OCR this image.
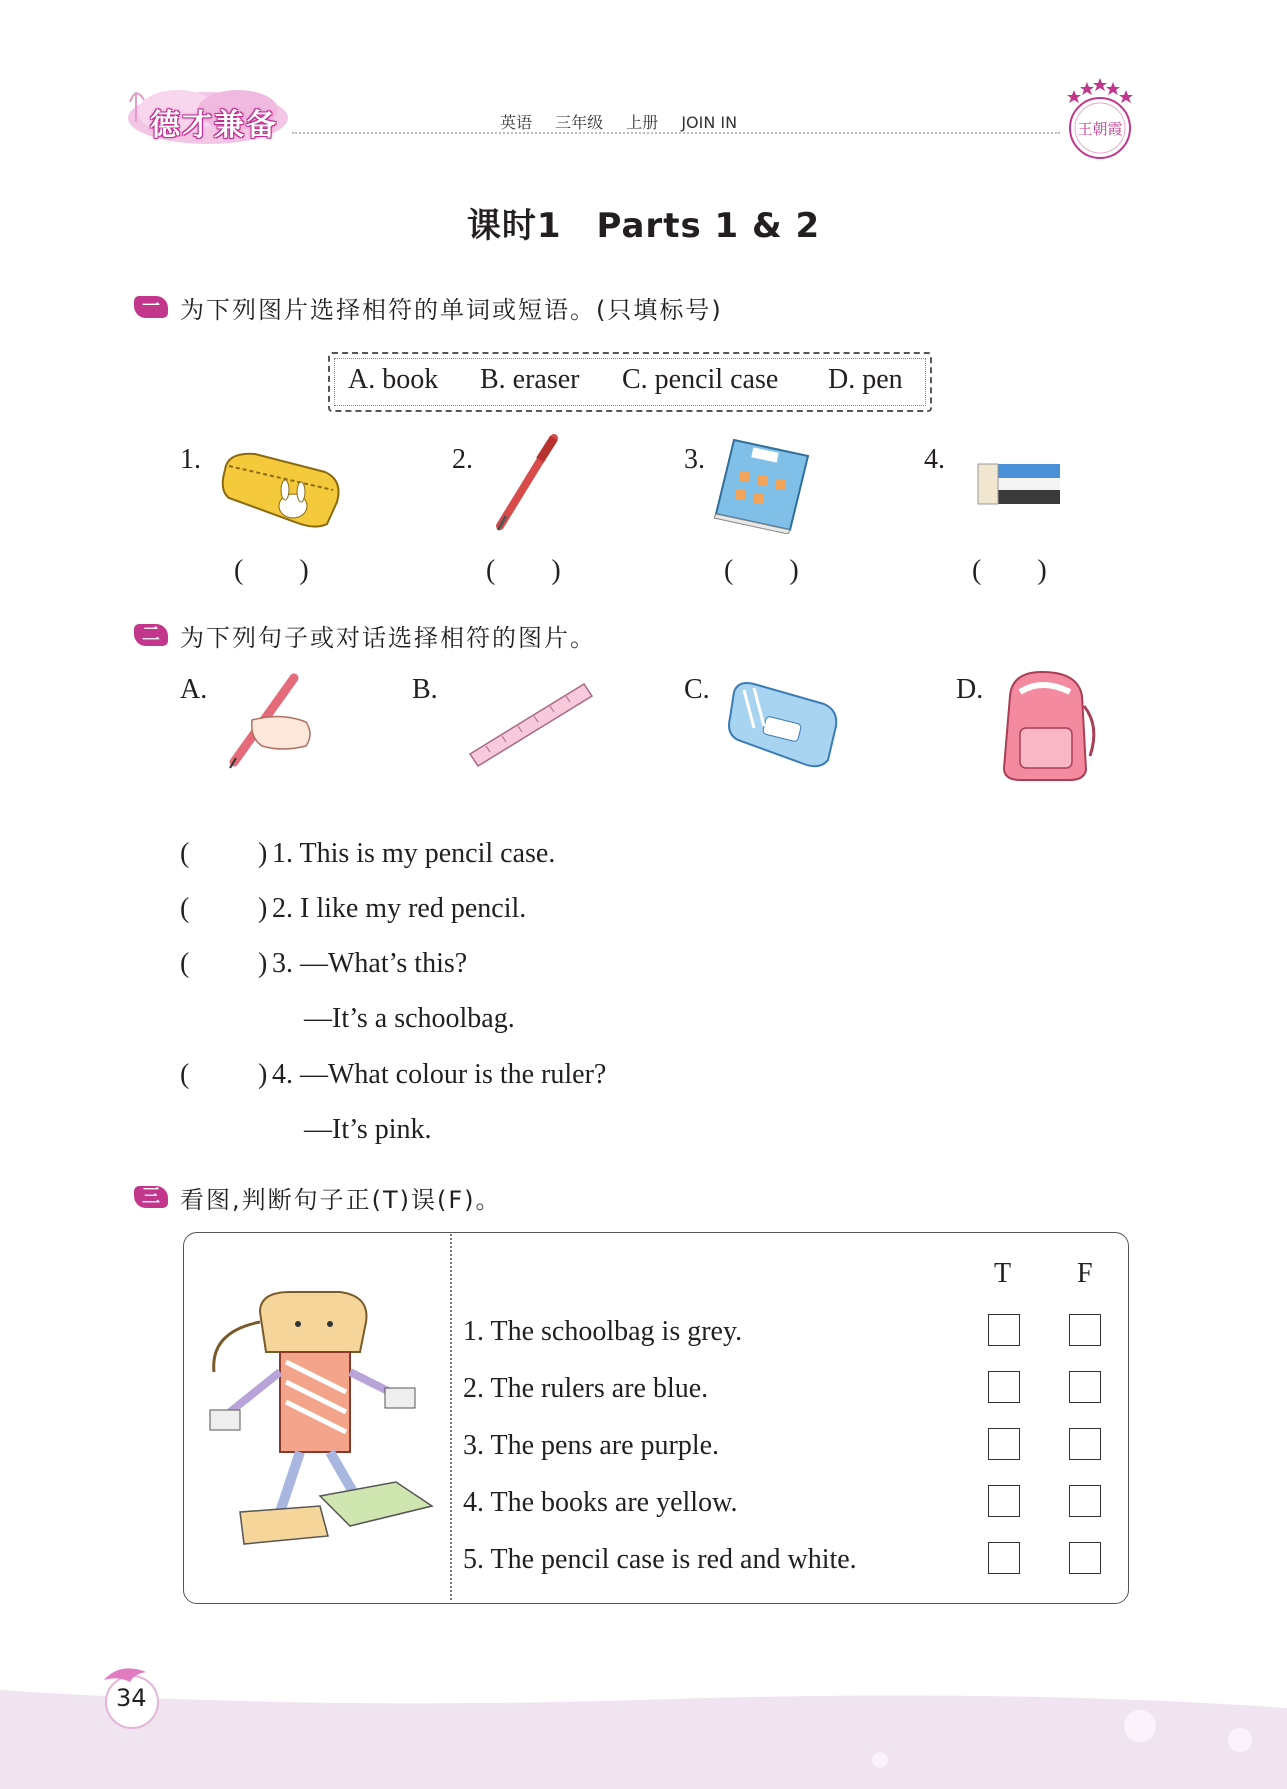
德才兼备	英语 三年级 上册 JOIN IN	王朝霞
课时1　Parts 1 & 2
一 为下列图片选择相符的单词或短语。(只填标号)
A. book B. eraser C. pencil case D. pen
1.
(　　)
2.
(　　)
3.
(　　)
4.
(　　)
二 为下列句子或对话选择相符的图片。
A.	B.	C.	D.
( ) 1. This is my pencil case.
( ) 2. I like my red pencil.
( ) 3. —What’s this?
—It’s a schoolbag.
( ) 4. —What colour is the ruler?
—It’s pink.
三 看图,判断句子正(T)误(F)。
T F
1. The schoolbag is grey.
2. The rulers are blue.
3. The pens are purple.
4. The books are yellow.
5. The pencil case is red and white.
34
